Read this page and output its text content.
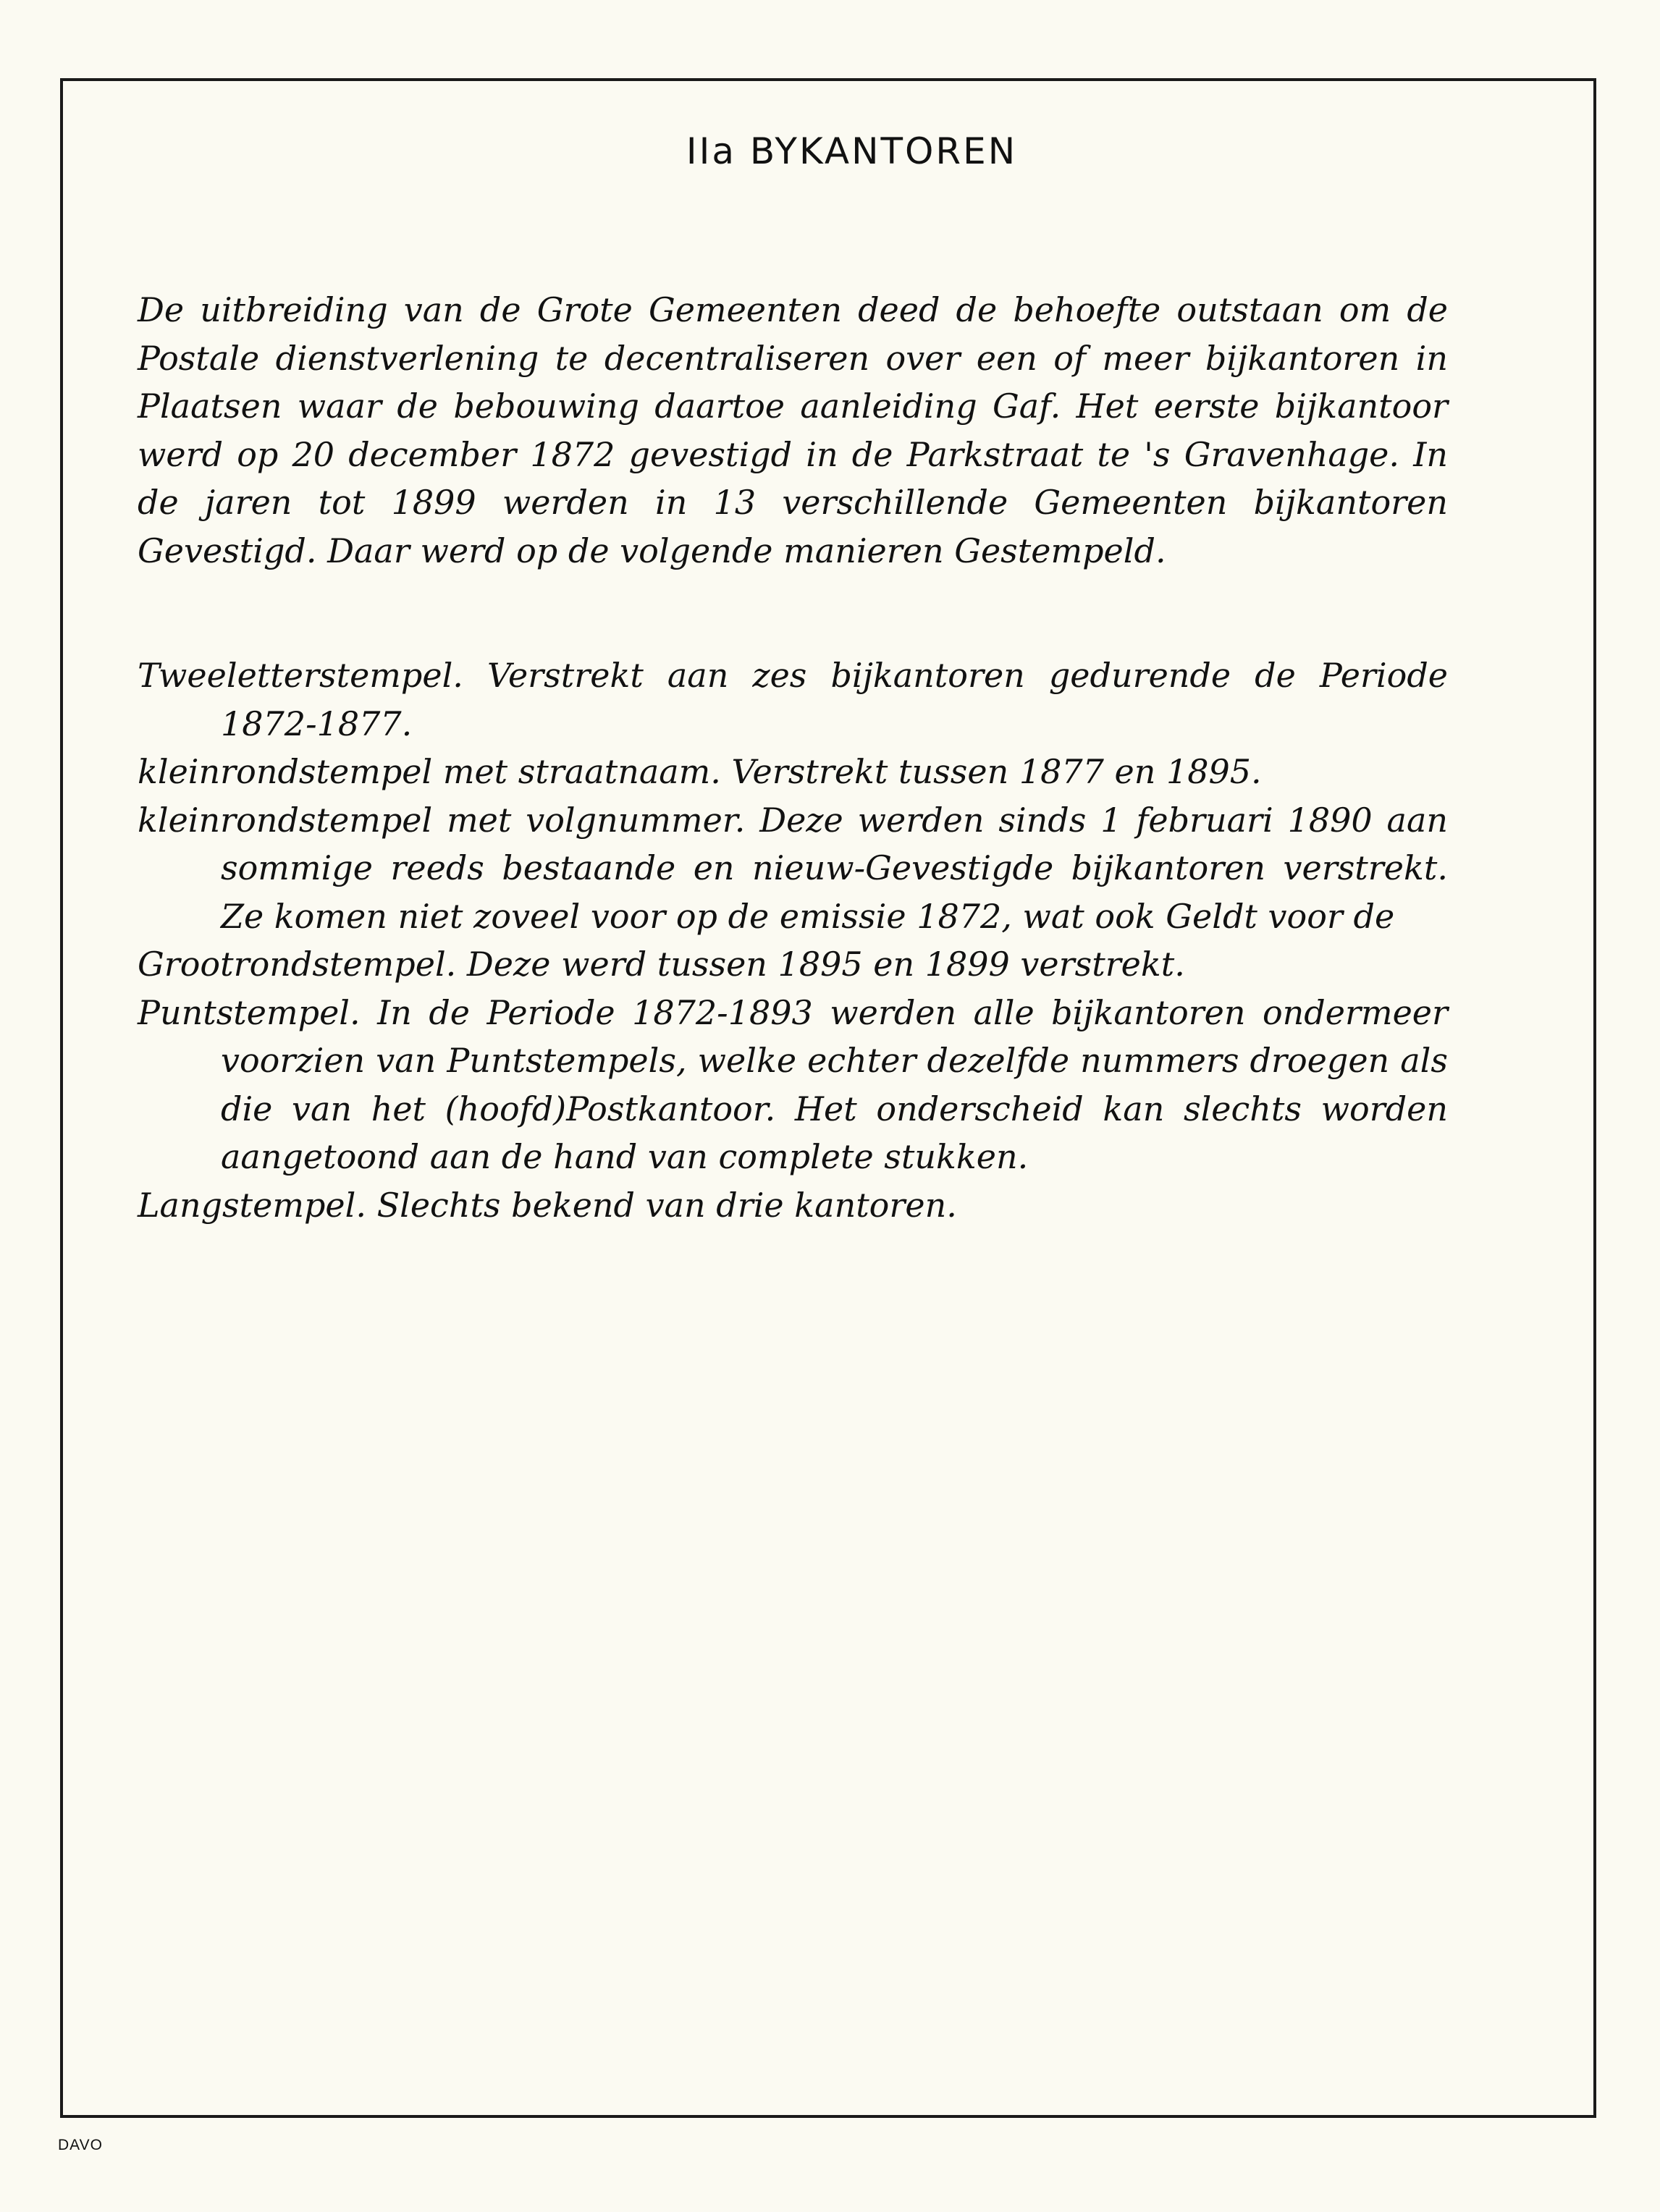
IIa BYKANTOREN

De uitbreiding van de Grote Gemeenten deed de behoefte outstaan om de Postale dienstverlening te decentraliseren over een of meer bijkantoren in Plaatsen waar de bebouwing daartoe aanleiding Gaf. Het eerste bijkantoor werd op 20 december 1872 gevestigd in de Parkstraat te 's Gravenhage. In de jaren tot 1899 werden in 13 verschillende Gemeenten bijkantoren Gevestigd. Daar werd op de volgende manieren Gestempeld.

Tweeletterstempel. Verstrekt aan zes bijkantoren gedurende de Periode 1872-1877.
kleinrondstempel met straatnaam. Verstrekt tussen 1877 en 1895.
kleinrondstempel met volgnummer. Deze werden sinds 1 februari 1890 aan sommige reeds bestaande en nieuw-Gevestigde bijkantoren verstrekt. Ze komen niet zoveel voor op de emissie 1872, wat ook Geldt voor de
Grootrondstempel. Deze werd tussen 1895 en 1899 verstrekt.
Puntstempel. In de Periode 1872-1893 werden alle bijkantoren ondermeer voorzien van Puntstempels, welke echter dezelfde nummers droegen als die van het (hoofd)Postkantoor. Het onderscheid kan slechts worden aangetoond aan de hand van complete stukken.
Langstempel. Slechts bekend van drie kantoren.
DAVO
